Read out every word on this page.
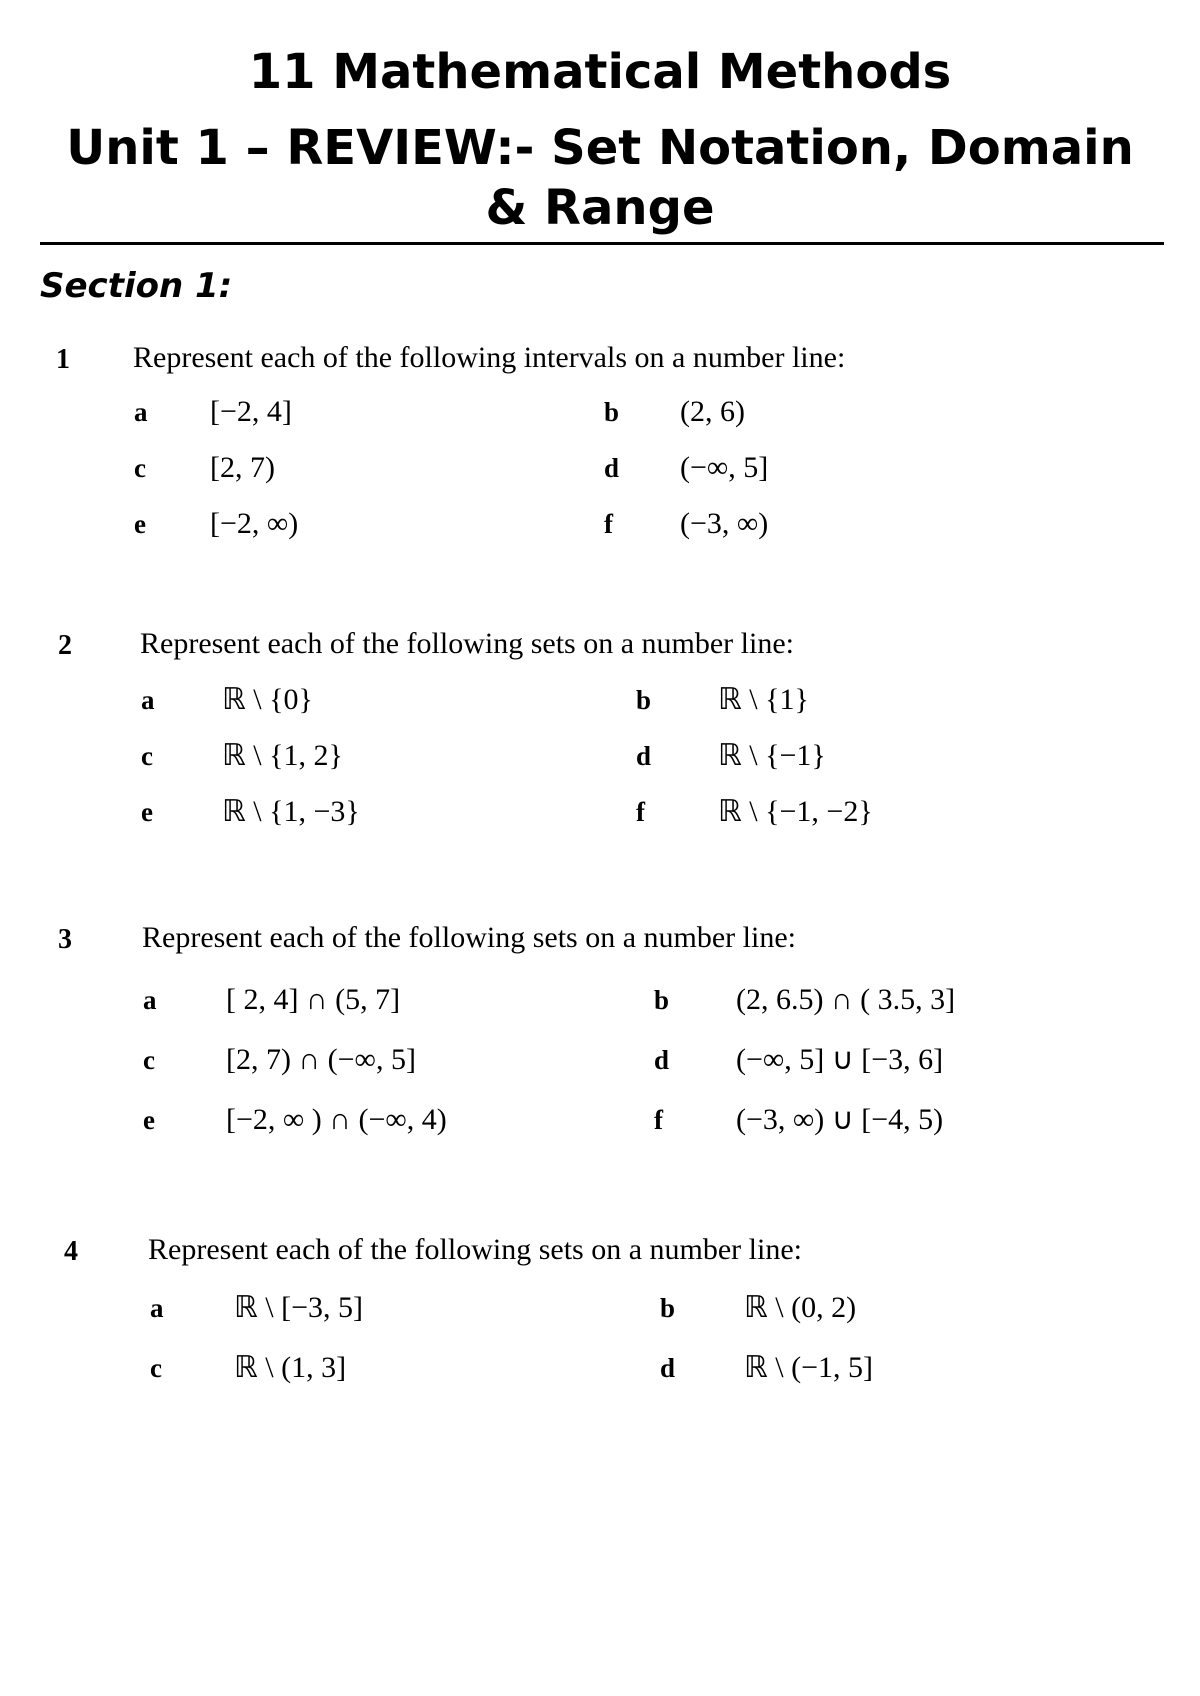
11 Mathematical Methods
Unit 1 – REVIEW:- Set Notation, Domain & Range
Section 1:
1 Represent each of the following intervals on a number line:
a [−2, 4]	b (2, 6)
c [2, 7)	d (−∞, 5]
e [−2, ∞)	f (−3, ∞)
2 Represent each of the following sets on a number line:
a ℝ \ {0}	b ℝ \ {1}
c ℝ \ {1, 2}	d ℝ \ {−1}
e ℝ \ {1, −3}	f ℝ \ {−1, −2}
3 Represent each of the following sets on a number line:
a [ 2, 4] ∩ (5, 7]	b (2, 6.5) ∩ ( 3.5, 3]
c [2, 7) ∩ (−∞, 5]	d (−∞, 5] ∪ [−3, 6]
e [−2, ∞ ) ∩ (−∞, 4)	f (−3, ∞) ∪ [−4, 5)
4 Represent each of the following sets on a number line:
a ℝ \ [−3, 5]	b ℝ \ (0, 2)
c ℝ \ (1, 3]	d ℝ \ (−1, 5]
